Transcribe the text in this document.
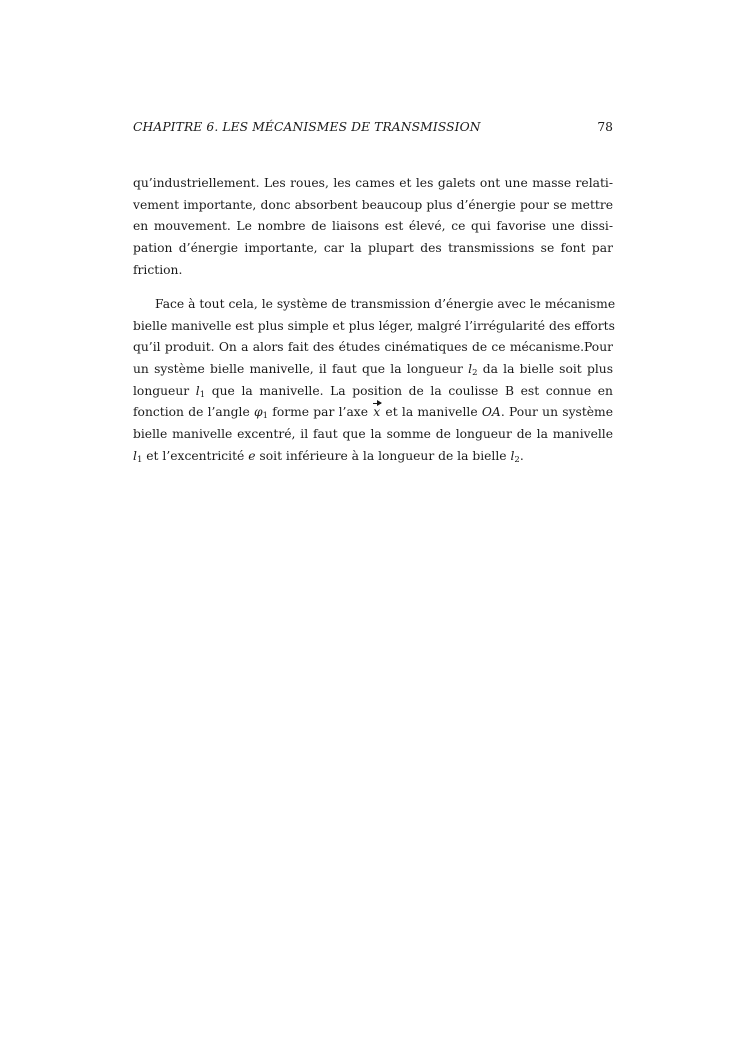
CHAPITRE 6. LES MÉCANISMES DE TRANSMISSION	78
qu’industriellement. Les roues, les cames et les galets ont une masse relati-
vement importante, donc absorbent beaucoup plus d’énergie pour se mettre
en mouvement. Le nombre de liaisons est élevé, ce qui favorise une dissi-
pation d’énergie importante, car la plupart des transmissions se font par
friction.
Face à tout cela, le système de transmission d’énergie avec le mécanisme
bielle manivelle est plus simple et plus léger, malgré l’irrégularité des efforts
qu’il produit. On a alors fait des études cinématiques de ce mécanisme.Pour
un système bielle manivelle, il faut que la longueur $l_2$ da la bielle soit plus
longueur $l_1$ que la manivelle. La position de la coulisse B est connue en
fonction de l’angle $\varphi_1$ forme par l’axe x et la manivelle OA. Pour un système
bielle manivelle excentré, il faut que la somme de longueur de la manivelle
$l_1$ et l’excentricité e soit inférieure à la longueur de la bielle $l_2$.
